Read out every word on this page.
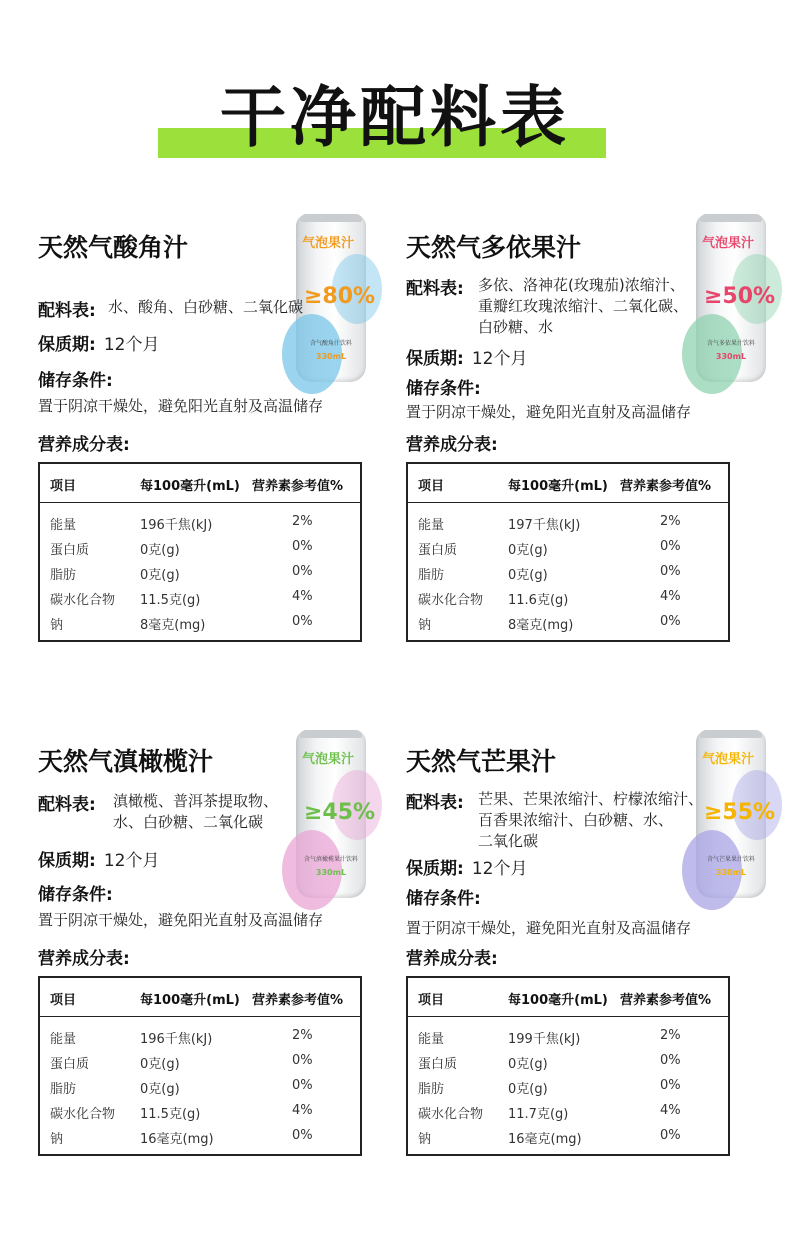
干净配料表
天然气酸角汁	气泡果汁
≥80%
含气酸角汁饮料
330mL
配料表: 水、酸角、白砂糖、二氧化碳
保质期: 12个月
储存条件:
置于阴凉干燥处，避免阳光直射及高温储存
营养成分表:
项目	每100毫升(mL) 营养素参考值%
能量	196千焦(kJ)	2%
蛋白质	0克(g)	0%
脂肪	0克(g)	0%
碳水化合物 11.5克(g)	4%
钠	8毫克(mg)	0%
天然气多依果汁	气泡果汁
≥50%
含气多依果汁饮料
330mL
配料表: 多依、洛神花(玫瑰茄)浓缩汁、
重瓣红玫瑰浓缩汁、二氧化碳、
白砂糖、水
保质期: 12个月
储存条件:
置于阴凉干燥处，避免阳光直射及高温储存
营养成分表:
项目	每100毫升(mL) 营养素参考值%
能量	197千焦(kJ)	2%
蛋白质	0克(g)	0%
脂肪	0克(g)	0%
碳水化合物 11.6克(g)	4%
钠	8毫克(mg)	0%
天然气滇橄榄汁	气泡果汁
≥45%
含气滇橄榄果汁饮料
330mL
配料表: 滇橄榄、普洱茶提取物、
水、白砂糖、二氧化碳
保质期: 12个月
储存条件:
置于阴凉干燥处，避免阳光直射及高温储存
营养成分表:
项目	每100毫升(mL) 营养素参考值%
能量	196千焦(kJ)	2%
蛋白质	0克(g)	0%
脂肪	0克(g)	0%
碳水化合物 11.5克(g)	4%
钠	16毫克(mg)	0%
天然气芒果汁	气泡果汁
≥55%
含气芒果果汁饮料
330mL
配料表: 芒果、芒果浓缩汁、柠檬浓缩汁、
百香果浓缩汁、白砂糖、水、
二氧化碳
保质期: 12个月
储存条件:
置于阴凉干燥处，避免阳光直射及高温储存
营养成分表:
项目	每100毫升(mL) 营养素参考值%
能量	199千焦(kJ)	2%
蛋白质	0克(g)	0%
脂肪	0克(g)	0%
碳水化合物 11.7克(g)	4%
钠	16毫克(mg)	0%
